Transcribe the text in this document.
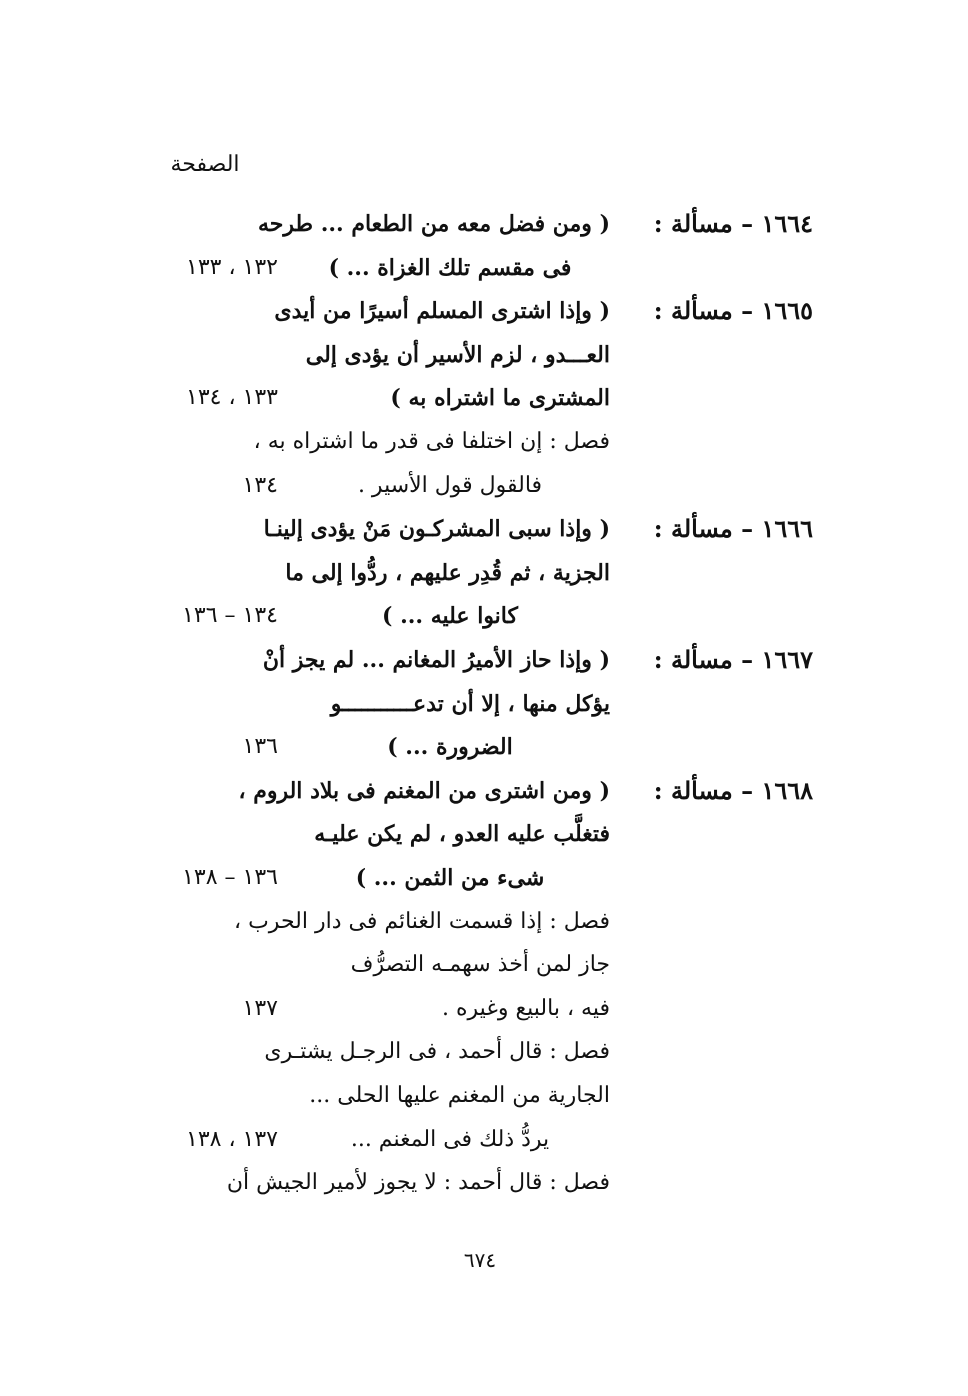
الصفحة
١٦٦٤ – مسألة :
( ومن فضل معه من الطعام ... طرحه
فى مقسم تلك الغزاة ... )
١٣٢ ، ١٣٣
١٦٦٥ – مسألة :
( وإذا اشترى المسلم أسيرًا من أيدى
العـــدو ، لزم الأسير أن يؤدى إلى
المشترى ما اشتراه به )
١٣٣ ، ١٣٤
فصل : إن اختلفا فى قدر ما اشتراه به ،
فالقول قول الأسير .
١٣٤
١٦٦٦ – مسألة :
( وإذا سبى المشركـون مَنْ يؤدى إلينـا
الجزية ، ثم قُدِر عليهم ، ردُّوا إلى ما
كانوا عليه ... )
١٣٤ – ١٣٦
١٦٦٧ – مسألة :
( وإذا حاز الأميرُ المغانم ... لم يجز أنْ
يؤكل منها ، إلا أن تدعـــــــــــو
الضرورة ... )
١٣٦
١٦٦٨ – مسألة :
( ومن اشترى من المغنم فى بلاد الروم ،
فتغلَّب عليه العدو ، لم يكن عليـه
شىء من الثمن ... )
١٣٦ – ١٣٨
فصل : إذا قسمت الغنائم فى دار الحرب ،
جاز لمن أخذ سهمـه التصرُّف
فيه ، بالبيع وغيره .
١٣٧
فصل : قال أحمد ، فى الرجـل يشتـرى
الجارية من المغنم عليها الحلى ...
يردُّ ذلك فى المغنم ...
١٣٧ ، ١٣٨
فصل : قال أحمد : لا يجوز لأمير الجيش أن
٦٧٤
